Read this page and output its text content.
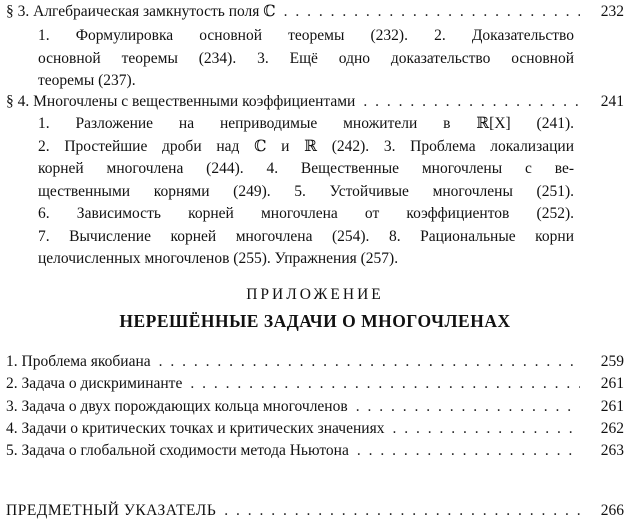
§ 3. Алгебраическая замкнутость поля ℂ . . .	232
1. Формулировка основной теоремы (232). 2. Доказательство
основной теоремы (234). 3. Ещё одно доказательство основной
теоремы (237).
§ 4. Многочлены с вещественными коэффициентами . . .	241
1. Разложение на неприводимые множители в ℝ[X] (241).
2. Простейшие дроби над ℂ и ℝ (242). 3. Проблема локализации
корней многочлена (244). 4. Вещественные многочлены с ве-
щественными корнями (249). 5. Устойчивые многочлены (251).
6. Зависимость корней многочлена от коэффициентов (252).
7. Вычисление корней многочлена (254). 8. Рациональные корни
целочисленных многочленов (255). Упражнения (257).
ПРИЛОЖЕНИЕ
НЕРЕШЁННЫЕ ЗАДАЧИ О МНОГОЧЛЕНАХ
1. Проблема якобиана . . .	259
2. Задача о дискриминанте . . .	261
3. Задача о двух порождающих кольца многочленов . . .	261
4. Задачи о критических точках и критических значениях . . .	262
5. Задача о глобальной сходимости метода Ньютона . . .	263
ПРЕДМЕТНЫЙ УКАЗАТЕЛЬ . . .	266
